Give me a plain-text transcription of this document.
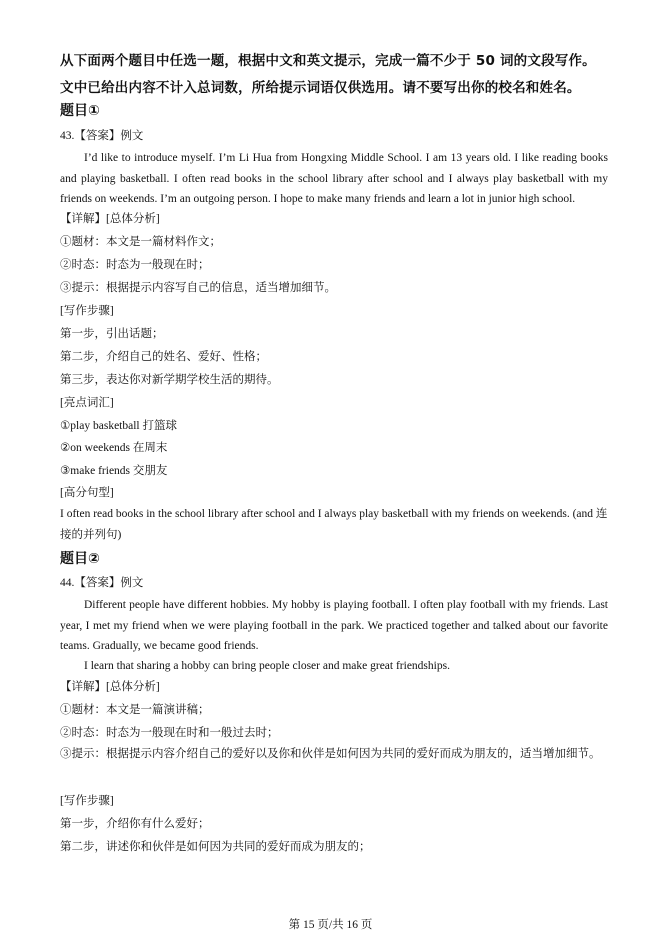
从下面两个题目中任选一题，根据中文和英文提示，完成一篇不少于 50 词的文段写作。文中已给出内容不计入总词数，所给提示词语仅供选用。请不要写出你的校名和姓名。
题目①
43.【答案】例文
I’d like to introduce myself. I’m Li Hua from Hongxing Middle School. I am 13 years old. I like reading books and playing basketball. I often read books in the school library after school and I always play basketball with my friends on weekends. I’m an outgoing person. I hope to make many friends and learn a lot in junior high school.
【详解】[总体分析]
①题材：本文是一篇材料作文；
②时态：时态为一般现在时；
③提示：根据提示内容写自己的信息，适当增加细节。
[写作步骤]
第一步，引出话题；
第二步，介绍自己的姓名、爱好、性格；
第三步，表达你对新学期学校生活的期待。
[亮点词汇]
①play basketball 打篮球
②on weekends 在周末
③make friends 交朋友
[高分句型]
I often read books in the school library after school and I always play basketball with my friends on weekends. (and 连接的并列句)
题目②
44.【答案】例文
Different people have different hobbies. My hobby is playing football. I often play football with my friends. Last year, I met my friend when we were playing football in the park. We practiced together and talked about our favorite teams. Gradually, we became good friends.
I learn that sharing a hobby can bring people closer and make great friendships.
【详解】[总体分析]
①题材：本文是一篇演讲稿；
②时态：时态为一般现在时和一般过去时；
③提示：根据提示内容介绍自己的爱好以及你和伙伴是如何因为共同的爱好而成为朋友的，适当增加细节。
[写作步骤]
第一步，介绍你有什么爱好；
第二步，讲述你和伙伴是如何因为共同的爱好而成为朋友的；
第 15 页/共 16 页
